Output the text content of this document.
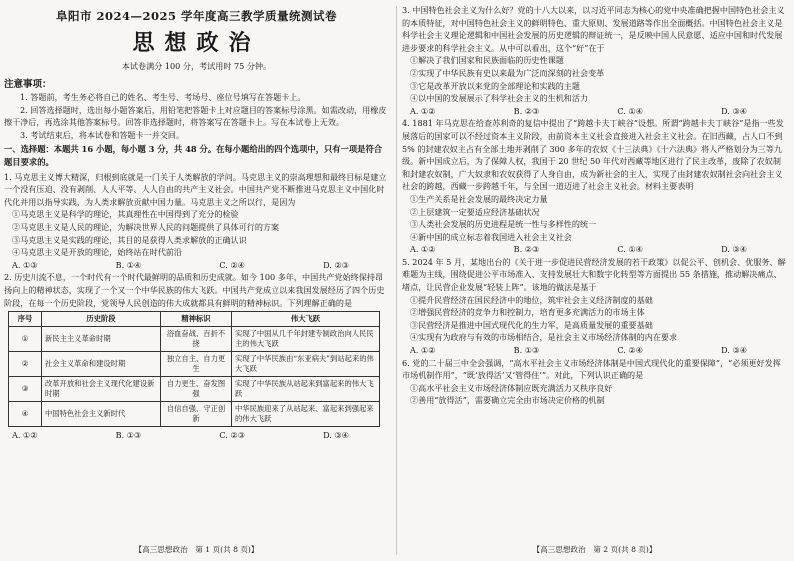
阜阳市 2024—2025 学年度高三教学质量统测试卷

思想政治

本试卷满分 100 分，考试用时 75 分钟。

注意事项：

1. 答题前，考生务必将自己的姓名、考生号、考场号、座位号填写在答题卡上。

2. 回答选择题时，选出每小题答案后，用铅笔把答题卡上对应题目的答案标号涂黑。如需改动，用橡皮擦干净后，再选涂其他答案标号。回答非选择题时，将答案写在答题卡上。写在本试卷上无效。

3. 考试结束后，将本试卷和答题卡一并交回。

一、选择题：本题共 16 小题，每小题 3 分，共 48 分。在每小题给出的四个选项中，只有一项是符合题目要求的。

1. 马克思主义博大精深，归根到底就是一门关于人类解放的学问。马克思主义的崇高理想和最终目标是建立一个没有压迫、没有剥削、人人平等、人人自由的共产主义社会。中国共产党不断推进马克思主义中国化时代化并用以指导实践，为人类求解放贡献中国力量。马克思主义之所以行，是因为

①马克思主义是科学的理论，其真理性在中国得到了充分的检验

②马克思主义是人民的理论，为解决世界人民的问题提供了具体可行的方案

③马克思主义是实践的理论，其目的是获得人类求解放的正确认识

④马克思主义是开放的理论，始终站在时代前沿

A. ①③	B. ①④	C. ②④	D. ②③

2. 历史川流不息，一个时代有一个时代最鲜明的品质和历史成就。如今 100 多年，中国共产党始终保持昂扬向上的精神状态，实现了一个又一个中华民族的伟大飞跃。中国共产党成立以来我国发展经历了四个历史阶段，在每一个历史阶段，党领导人民创造的伟大成就都具有鲜明的精神标识。下列理解正确的是

序号	历史阶段	精神标识	伟大飞跃
①	新民主主义革命时期	浴血奋战、百折不挠	实现了中国从几千年封建专制政治向人民民主的伟大飞跃
②	社会主义革命和建设时期	独立自主、自力更生	实现了中华民族由“东亚病夫”到站起来的伟大飞跃
③	改革开放和社会主义现代化建设新时期	自力更生、奋发图强	实现了中华民族从站起来到富起来的伟大飞跃
④	中国特色社会主义新时代	自信自强、守正创新	中华民族迎来了从站起来、富起来到强起来的伟大飞跃
A. ①②	B. ①③	C. ②③	D. ③④
【高三思想政治　第 1 页(共 8 页)】

3. 中国特色社会主义为什么好？党的十八大以来，以习近平同志为核心的党中央准确把握中国特色社会主义的本质特征，对中国特色社会主义的鲜明特色、重大原则、发展道路等作出全面概括。中国特色社会主义是科学社会主义理论逻辑和中国社会发展的历史逻辑的辩证统一，是反映中国人民意愿、适应中国和时代发展进步要求的科学社会主义。从中可以看出，这个“好”在于

①解决了我们国家和民族面临的历史性课题

②实现了中华民族有史以来最为广泛而深刻的社会变革

③它是改革开放以来党的全部理论和实践的主题

④以中国的发展展示了科学社会主义的生机和活力

A. ①②	B. ②③	C. ①④	D. ③④

4. 1881 年马克思在给查苏利奇的复信中提出了“跨越卡夫丁峡谷”设想。所谓“跨越卡夫丁峡谷”是指一些发展落后的国家可以不经过资本主义阶段，由前资本主义社会直接进入社会主义社会。在旧西藏，占人口不到 5% 的封建农奴主占有全部土地并剥削了 300 多年的农奴《十三法典》《十六法典》将人严格划分为三等九级。新中国成立后，为了保障人权，我国于 20 世纪 50 年代对西藏等地区进行了民主改革，废除了农奴制和封建农奴制，广大奴隶和农奴获得了人身自由，成为新社会的主人，实现了由封建农奴制社会向社会主义社会的跨越，西藏一步跨越千年，与全国一道迈进了社会主义社会。材料主要表明

①生产关系是社会发展的最终决定力量

②上层建筑一定要适应经济基础状况

③人类社会发展的历史进程是统一性与多样性的统一

④新中国的成立标志着我国进入社会主义社会

A. ①②	B. ②③	C. ①④	D. ③④

5. 2024 年 5 月，某地出台的《关于进一步促进民营经济发展的若干政策》以促公平、创机会、优服务、解难题为主线，围绕促进公平市场准入、支持发展壮大和数字化转型等方面提出 55 条措施，推动解决痛点、堵点，让民营企业发展“轻装上阵”。该地的做法是基于

①提升民营经济在国民经济中的地位，筑牢社会主义经济制度的基础

②增强民营经济的竞争力和控制力，培育更多充满活力的市场主体

③民营经济是推进中国式现代化的生力军，是高质量发展的重要基础

④实现有为政府与有效的市场相结合，是社会主义市场经济体制的内在要求

A. ①②	B. ①③	C. ②④	D. ③④

6. 党的二十届三中全会强调，“高水平社会主义市场经济体制是中国式现代化的重要保障”，“必须更好发挥市场机制作用”，“既‘放得活’又‘管得住’”。对此，下列认识正确的是

①高水平社会主义市场经济体制应既充满活力又秩序良好

②善用“放得活”，需要确立完全由市场决定价格的机制

【高三思想政治　第 2 页(共 8 页)】
